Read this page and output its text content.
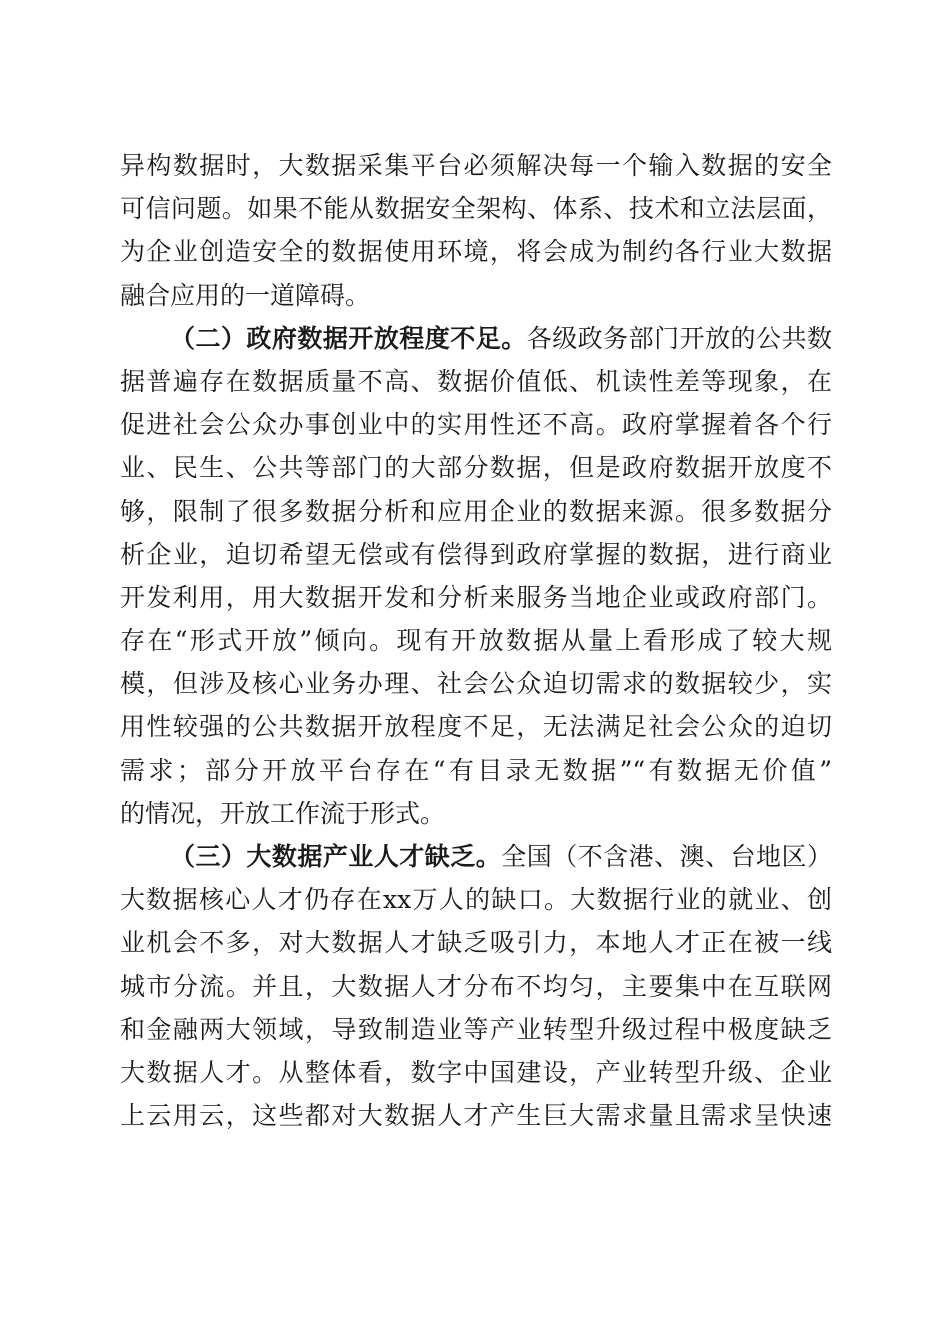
异构数据时，大数据采集平台必须解决每一个输入数据的安全
可信问题。如果不能从数据安全架构、体系、技术和立法层面，
为企业创造安全的数据使用环境，将会成为制约各行业大数据
融合应用的一道障碍。
（二）政府数据开放程度不足。各级政务部门开放的公共数
据普遍存在数据质量不高、数据价值低、机读性差等现象，在
促进社会公众办事创业中的实用性还不高。政府掌握着各个行
业、民生、公共等部门的大部分数据，但是政府数据开放度不
够，限制了很多数据分析和应用企业的数据来源。很多数据分
析企业，迫切希望无偿或有偿得到政府掌握的数据，进行商业
开发利用，用大数据开发和分析来服务当地企业或政府部门。
存在“形式开放”倾向。现有开放数据从量上看形成了较大规
模，但涉及核心业务办理、社会公众迫切需求的数据较少，实
用性较强的公共数据开放程度不足，无法满足社会公众的迫切
需求；部分开放平台存在“有目录无数据”“有数据无价值”
的情况，开放工作流于形式。
（三）大数据产业人才缺乏。全国（不含港、澳、台地区）
大数据核心人才仍存在xx万人的缺口。大数据行业的就业、创
业机会不多，对大数据人才缺乏吸引力，本地人才正在被一线
城市分流。并且，大数据人才分布不均匀，主要集中在互联网
和金融两大领域，导致制造业等产业转型升级过程中极度缺乏
大数据人才。从整体看，数字中国建设，产业转型升级、企业
上云用云，这些都对大数据人才产生巨大需求量且需求呈快速
